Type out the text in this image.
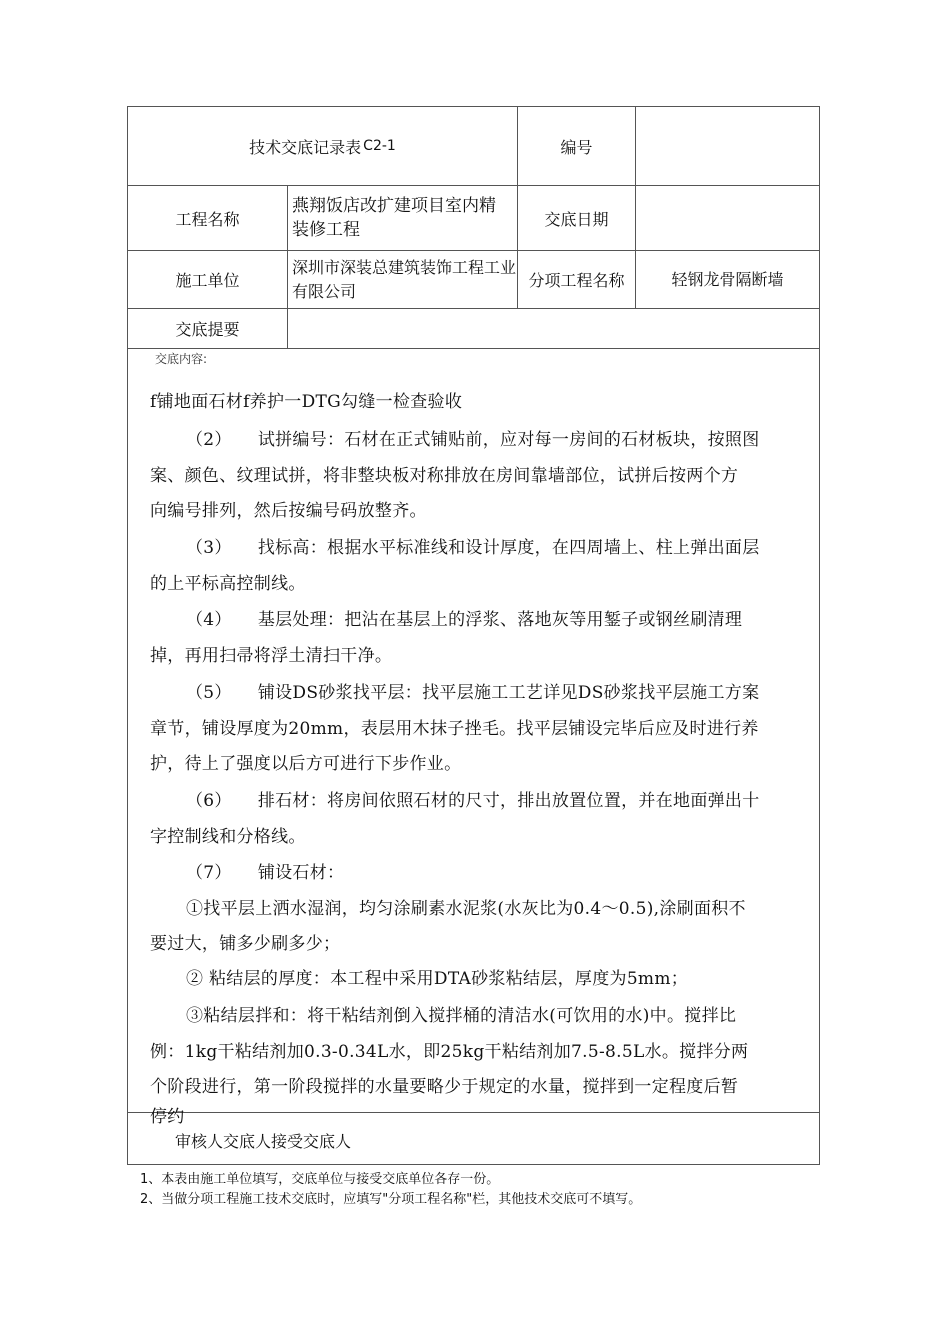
技术交底记录表 C2-1	编号
工程名称
燕翔饭店改扩建项目室内精装修工程
交底日期
施工单位
深圳市深装总建筑装饰工程工业有限公司
分项工程名称	轻钢龙骨隔断墙
交底提要
交底内容:
f铺地面石材f养护一DTG勾缝一检查验收
（2）　　试拼编号：石材在正式铺贴前，应对每一房间的石材板块，按照图
案、颜色、纹理试拼，将非整块板对称排放在房间靠墙部位，试拼后按两个方
向编号排列，然后按编号码放整齐。
（3）　　找标高：根据水平标准线和设计厚度，在四周墙上、柱上弹出面层
的上平标高控制线。
（4）　　基层处理：把沾在基层上的浮浆、落地灰等用錾子或钢丝刷清理
掉，再用扫帚将浮土清扫干净。
（5）　　铺设DS砂浆找平层：找平层施工工艺详见DS砂浆找平层施工方案
章节，铺设厚度为20mm，表层用木抹子挫毛。找平层铺设完毕后应及时进行养
护，待上了强度以后方可进行下步作业。
（6）　　排石材：将房间依照石材的尺寸，排出放置位置，并在地面弹出十
字控制线和分格线。
（7）　　铺设石材：
①找平层上洒水湿润，均匀涂刷素水泥浆(水灰比为0.4～0.5),涂刷面积不
要过大，铺多少刷多少；
② 粘结层的厚度：本工程中采用DTA砂浆粘结层，厚度为5mm；
③粘结层拌和：将干粘结剂倒入搅拌桶的清洁水(可饮用的水)中。搅拌比
例：1kg干粘结剂加0.3-0.34L水，即25kg干粘结剂加7.5-8.5L水。搅拌分两
个阶段进行，第一阶段搅拌的水量要略少于规定的水量，搅拌到一定程度后暂
停约
审核人交底人接受交底人
1、本表由施工单位填写，交底单位与接受交底单位各存一份。
2、当做分项工程施工技术交底时，应填写"分项工程名称"栏，其他技术交底可不填写。
